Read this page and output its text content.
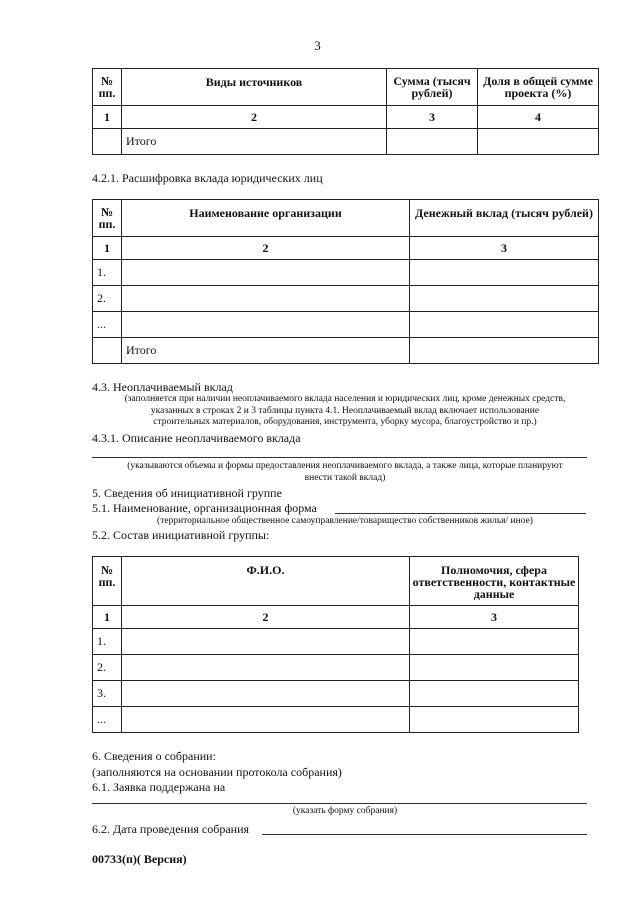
3
№ пп.	Виды источников	Сумма (тысяч рублей)	Доля в общей сумме проекта (%)
1	2	3	4
	Итого		
4.2.1. Расшифровка вклада юридических лиц
№ пп.	Наименование организации	Денежный вклад (тысяч рублей)
1	2	3
1.		
2.		
...		
	Итого	
4.3. Неоплачиваемый вклад
(заполняется при наличии неоплачиваемого вклада населения и юридических лиц, кроме денежных средств,
указанных в строках 2 и 3 таблицы пункта 4.1. Неоплачиваемый вклад включает использование
строительных материалов, оборудования, инструмента, уборку мусора, благоустройство и пр.)
4.3.1. Описание неоплачиваемого вклада
(указываются объемы и формы предоставления неоплачиваемого вклада, а также лица, которые планируют
внести такой вклад)
5. Сведения об инициативной группе
5.1. Наименование, организационная форма
(территориальное общественное самоуправление/товарищество собственников жилья/ иное)
5.2. Состав инициативной группы:
№ пп.	Ф.И.О.	Полномочия, сфера ответственности, контактные данные
1	2	3
1.		
2.		
3.		
...		
6. Сведения о собрании:
(заполняются на основании протокола собрания)
6.1. Заявка поддержана на
(указать форму собрания)
6.2. Дата проведения собрания
00733(п)( Версия)
